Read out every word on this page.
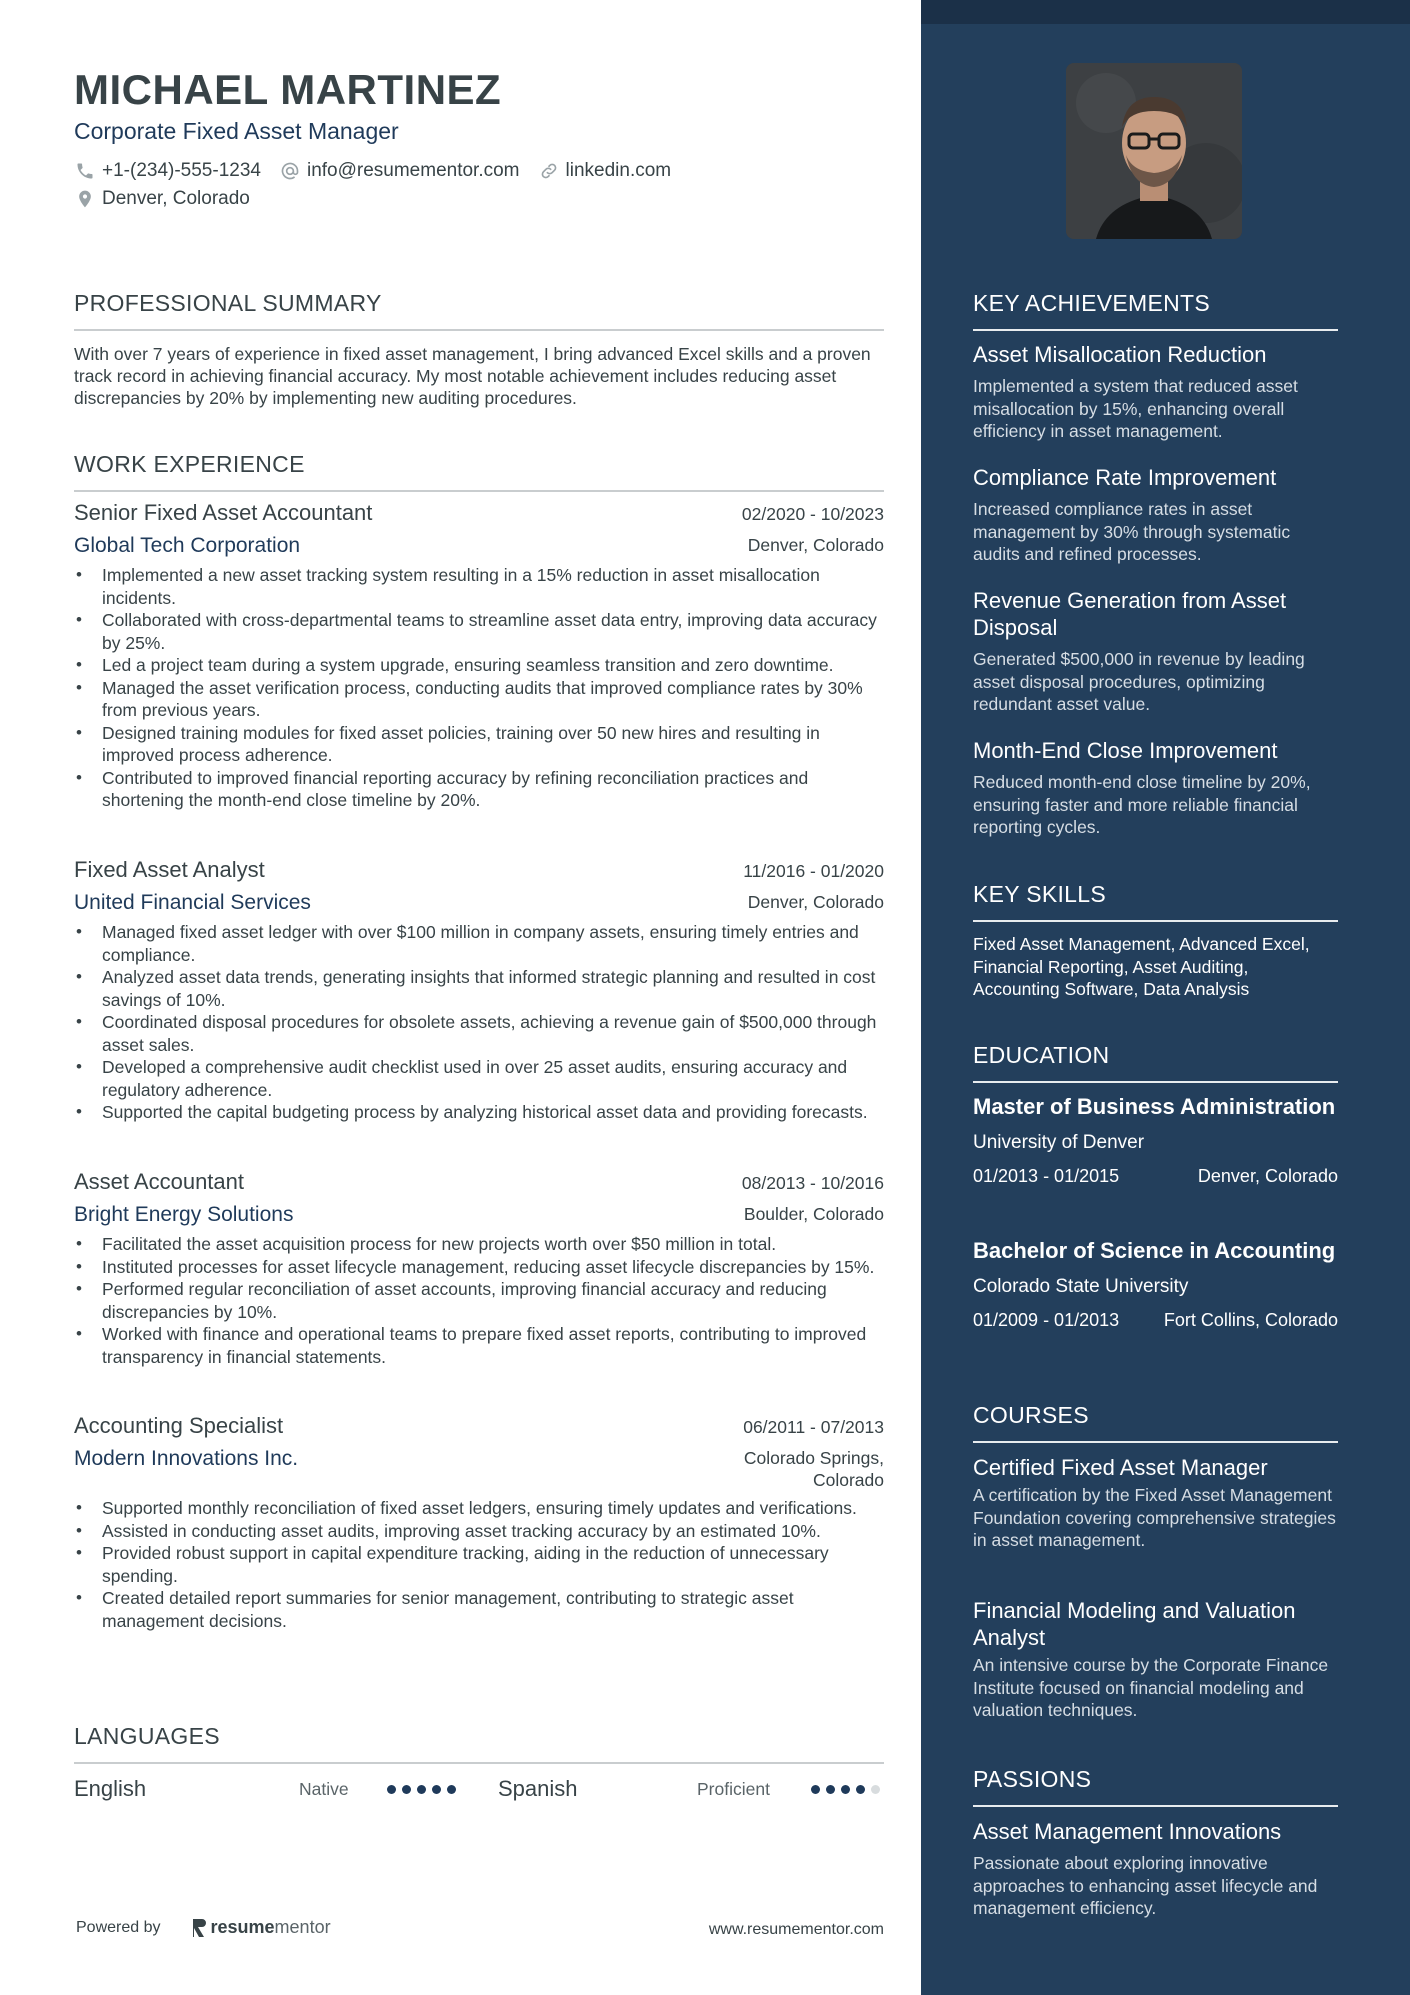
MICHAEL MARTINEZ
Corporate Fixed Asset Manager
+1-(234)-555-1234 info@resumementor.com linkedin.com
Denver, Colorado
PROFESSIONAL SUMMARY
With over 7 years of experience in fixed asset management, I bring advanced Excel skills and a proven track record in achieving financial accuracy. My most notable achievement includes reducing asset discrepancies by 20% by implementing new auditing procedures.
WORK EXPERIENCE
Senior Fixed Asset Accountant	02/2020 - 10/2023
Global Tech Corporation	Denver, Colorado
• Implemented a new asset tracking system resulting in a 15% reduction in asset misallocation incidents.
• Collaborated with cross-departmental teams to streamline asset data entry, improving data accuracy by 25%.
• Led a project team during a system upgrade, ensuring seamless transition and zero downtime.
• Managed the asset verification process, conducting audits that improved compliance rates by 30% from previous years.
• Designed training modules for fixed asset policies, training over 50 new hires and resulting in improved process adherence.
• Contributed to improved financial reporting accuracy by refining reconciliation practices and shortening the month-end close timeline by 20%.
Fixed Asset Analyst	11/2016 - 01/2020
United Financial Services	Denver, Colorado
• Managed fixed asset ledger with over $100 million in company assets, ensuring timely entries and compliance.
• Analyzed asset data trends, generating insights that informed strategic planning and resulted in cost savings of 10%.
• Coordinated disposal procedures for obsolete assets, achieving a revenue gain of $500,000 through asset sales.
• Developed a comprehensive audit checklist used in over 25 asset audits, ensuring accuracy and regulatory adherence.
• Supported the capital budgeting process by analyzing historical asset data and providing forecasts.
Asset Accountant	08/2013 - 10/2016
Bright Energy Solutions	Boulder, Colorado
• Facilitated the asset acquisition process for new projects worth over $50 million in total.
• Instituted processes for asset lifecycle management, reducing asset lifecycle discrepancies by 15%.
• Performed regular reconciliation of asset accounts, improving financial accuracy and reducing discrepancies by 10%.
• Worked with finance and operational teams to prepare fixed asset reports, contributing to improved transparency in financial statements.
Accounting Specialist	06/2011 - 07/2013
Modern Innovations Inc.	Colorado Springs, Colorado
• Supported monthly reconciliation of fixed asset ledgers, ensuring timely updates and verifications.
• Assisted in conducting asset audits, improving asset tracking accuracy by an estimated 10%.
• Provided robust support in capital expenditure tracking, aiding in the reduction of unnecessary spending.
• Created detailed report summaries for senior management, contributing to strategic asset management decisions.
LANGUAGES
English	Native	Spanish	Proficient
Powered by	resume mentor	www.resumementor.com
KEY ACHIEVEMENTS
Asset Misallocation Reduction
Implemented a system that reduced asset misallocation by 15%, enhancing overall efficiency in asset management.
Compliance Rate Improvement
Increased compliance rates in asset management by 30% through systematic audits and refined processes.
Revenue Generation from Asset Disposal
Generated $500,000 in revenue by leading asset disposal procedures, optimizing redundant asset value.
Month-End Close Improvement
Reduced month-end close timeline by 20%, ensuring faster and more reliable financial reporting cycles.
KEY SKILLS
Fixed Asset Management, Advanced Excel, Financial Reporting, Asset Auditing, Accounting Software, Data Analysis
EDUCATION
Master of Business Administration
University of Denver
01/2013 - 01/2015	Denver, Colorado
Bachelor of Science in Accounting
Colorado State University
01/2009 - 01/2013 Fort Collins, Colorado
COURSES
Certified Fixed Asset Manager
A certification by the Fixed Asset Management Foundation covering comprehensive strategies in asset management.
Financial Modeling and Valuation Analyst
An intensive course by the Corporate Finance Institute focused on financial modeling and valuation techniques.
PASSIONS
Asset Management Innovations
Passionate about exploring innovative approaches to enhancing asset lifecycle and management efficiency.
